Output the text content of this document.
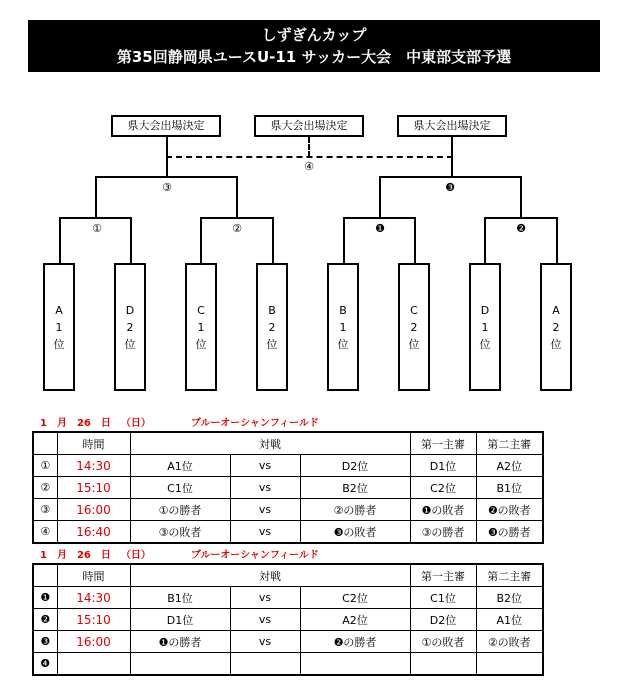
しずぎんカップ
第35回静岡県ユースU-11 サッカー大会　中東部支部予選
県大会出場決定	県大会出場決定	県大会出場決定
④
③
①	②
❸
❶	❷
A
1
位
D
2
位
C
1
位
B
2
位
B
1
位
C
2
位
D
1
位
A
2
位
1 月 26 日 （日）	ブルーオーシャンフィールド
	時間	対戦			第一主審	第二主審
①	14:30	A1位	vs	D2位	D1位	A2位
②	15:10	C1位	vs	B2位	C2位	B1位
③	16:00	①の勝者	vs	②の勝者	❶の敗者	❷の敗者
④	16:40	③の敗者	vs	❸の敗者	③の勝者	❸の勝者
1 月 26 日 （日）	ブルーオーシャンフィールド
	時間	対戦			第一主審	第二主審
❶	14:30	B1位	vs	C2位	C1位	B2位
❷	15:10	D1位	vs	A2位	D2位	A1位
❸	16:00	❶の勝者	vs	❷の勝者	①の敗者	②の敗者
❹						
